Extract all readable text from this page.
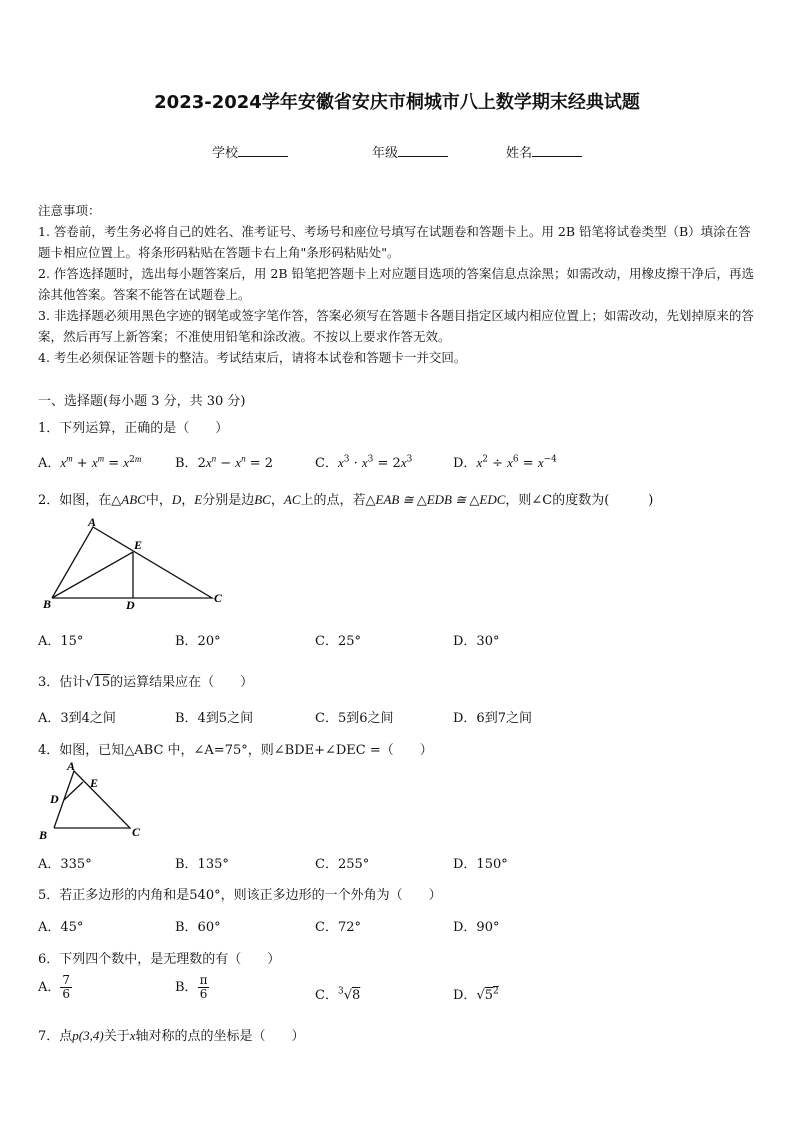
2023-2024学年安徽省安庆市桐城市八上数学期末经典试题
学校	年级	姓名
注意事项：
1. 答卷前，考生务必将自己的姓名、准考证号、考场号和座位号填写在试题卷和答题卡上。用 2B 铅笔将试卷类型（B）填涂在答题卡相应位置上。将条形码粘贴在答题卡右上角"条形码粘贴处"。
2. 作答选择题时，选出每小题答案后，用 2B 铅笔把答题卡上对应题目选项的答案信息点涂黑；如需改动，用橡皮擦干净后，再选涂其他答案。答案不能答在试题卷上。
3. 非选择题必须用黑色字迹的钢笔或签字笔作答，答案必须写在答题卡各题目指定区域内相应位置上；如需改动，先划掉原来的答案，然后再写上新答案；不准使用铅笔和涂改液。不按以上要求作答无效。
4. 考生必须保证答题卡的整洁。考试结束后，请将本试卷和答题卡一并交回。
一、选择题(每小题 3 分，共 30 分)
1．下列运算，正确的是（　　）
A．$x^m + x^m = x^{2m}$	B．$2x^n - x^n = 2$	C．$x^3 \cdot x^3 = 2x^3$	D．$x^2 \div x^6 = x^{-4}$
2．如图，在△ABC中，D，E分别是边BC，AC上的点，若△EAB ≅ △EDB ≅ △EDC，则∠C的度数为(　　　)
A
B	C
D
E
A．15°	B．20°	C．25°	D．30°
3．估计√15的运算结果应在（　　）
A．3到4之间	B．4到5之间	C．5到6之间	D．6到7之间
4．如图，已知△ABC 中，∠A=75°，则∠BDE+∠DEC =（　　）
A
B	C
D
E
A．335°	B．135°	C．255°	D．150°
5．若正多边形的内角和是540°，则该正多边形的一个外角为（　　）
A．45°	B．60°	C．72°	D．90°
6．下列四个数中，是无理数的有（　　）
A． $\frac{7}{6}$	B． $\frac{\pi}{6}$	C．$^3$√8	D．$√5^2$
7．点p(3,4)关于x轴对称的点的坐标是（　　）
